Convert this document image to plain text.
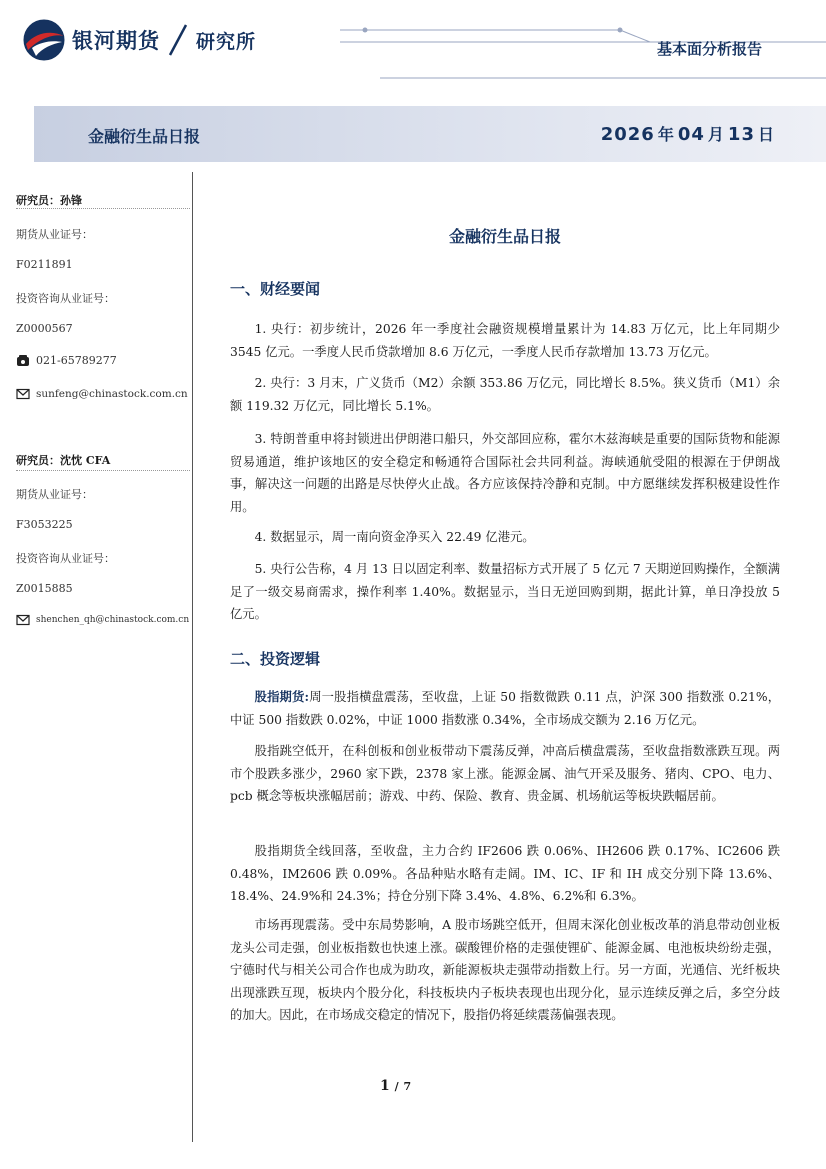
银河期货 研究所	基本面分析报告
金融衍生品日报	2026 年 04 月 13 日
研究员：孙锋
期货从业证号：
F0211891
投资咨询从业证号：
Z0000567
021-65789277
sunfeng@chinastock.com.cn
研究员：沈忱 CFA
期货从业证号：
F3053225
投资咨询从业证号：
Z0015885
shenchen_qh@chinastock.com.cn
金融衍生品日报
一、财经要闻

1. 央行：初步统计，2026 年一季度社会融资规模增量累计为 14.83 万亿元，比上年同期少 3545 亿元。一季度人民币贷款增加 8.6 万亿元，一季度人民币存款增加 13.73 万亿元。

2. 央行：3 月末，广义货币（M2）余额 353.86 万亿元，同比增长 8.5%。狭义货币（M1）余额 119.32 万亿元，同比增长 5.1%。

3. 特朗普重申将封锁进出伊朗港口船只，外交部回应称，霍尔木兹海峡是重要的国际货物和能源贸易通道，维护该地区的安全稳定和畅通符合国际社会共同利益。海峡通航受阻的根源在于伊朗战事，解决这一问题的出路是尽快停火止战。各方应该保持冷静和克制。中方愿继续发挥积极建设性作用。

4. 数据显示，周一南向资金净买入 22.49 亿港元。

5. 央行公告称，4 月 13 日以固定利率、数量招标方式开展了 5 亿元 7 天期逆回购操作，全额满足了一级交易商需求，操作利率 1.40%。数据显示，当日无逆回购到期，据此计算，单日净投放 5 亿元。

二、投资逻辑

股指期货:周一股指横盘震荡，至收盘，上证 50 指数微跌 0.11 点，沪深 300 指数涨 0.21%，中证 500 指数跌 0.02%，中证 1000 指数涨 0.34%，全市场成交额为 2.16 万亿元。

股指跳空低开，在科创板和创业板带动下震荡反弹，冲高后横盘震荡，至收盘指数涨跌互现。两市个股跌多涨少，2960 家下跌，2378 家上涨。能源金属、油气开采及服务、猪肉、CPO、电力、pcb 概念等板块涨幅居前；游戏、中药、保险、教育、贵金属、机场航运等板块跌幅居前。

股指期货全线回落，至收盘，主力合约 IF2606 跌 0.06%、IH2606 跌 0.17%、IC2606 跌 0.48%，IM2606 跌 0.09%。各品种贴水略有走阔。IM、IC、IF 和 IH 成交分别下降 13.6%、18.4%、24.9%和 24.3%；持仓分别下降 3.4%、4.8%、6.2%和 6.3%。

市场再现震荡。受中东局势影响，A 股市场跳空低开，但周末深化创业板改革的消息带动创业板龙头公司走强，创业板指数也快速上涨。碳酸锂价格的走强使锂矿、能源金属、电池板块纷纷走强，宁德时代与相关公司合作也成为助攻，新能源板块走强带动指数上行。另一方面，光通信、光纤板块出现涨跌互现，板块内个股分化，科技板块内子板块表现也出现分化，显示连续反弹之后，多空分歧的加大。因此，在市场成交稳定的情况下，股指仍将延续震荡偏强表现。

1 / 7
